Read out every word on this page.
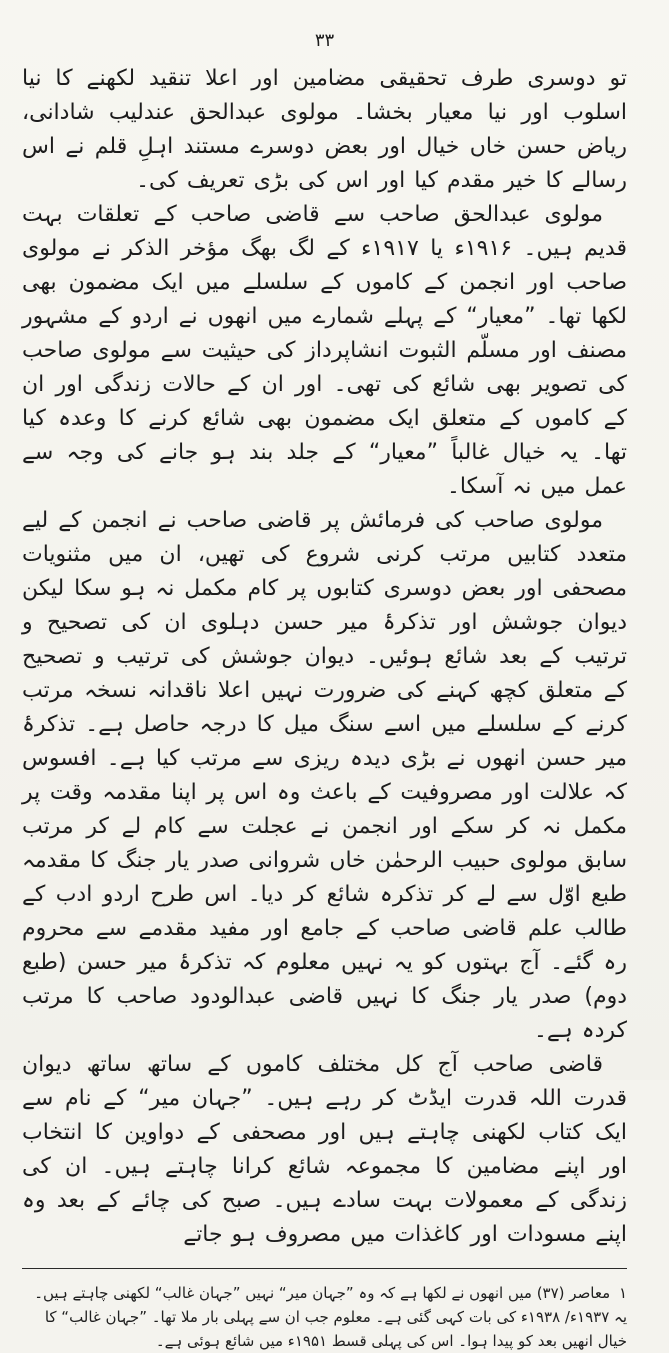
۳۳

تو دوسری طرف تحقیقی مضامین اور اعلا تنقید لکھنے کا نیا اسلوب اور نیا معیار بخشا۔ مولوی عبدالحق عندلیب شادانی، ریاض حسن خاں خیال اور بعض دوسرے مستند اہلِ قلم نے اس رسالے کا خیر مقدم کیا اور اس کی بڑی تعریف کی۔

مولوی عبدالحق صاحب سے قاضی صاحب کے تعلقات بہت قدیم ہیں۔ ۱۹۱۶ء یا ۱۹۱۷ء کے لگ بھگ مؤخر الذکر نے مولوی صاحب اور انجمن کے کاموں کے سلسلے میں ایک مضمون بھی لکھا تھا۔ ”معیار“ کے پہلے شمارے میں انھوں نے اردو کے مشہور مصنف اور مسلّم الثبوت انشاپرداز کی حیثیت سے مولوی صاحب کی تصویر بھی شائع کی تھی۔ اور ان کے حالات زندگی اور ان کے کاموں کے متعلق ایک مضمون بھی شائع کرنے کا وعدہ کیا تھا۔ یہ خیال غالباً ”معیار“ کے جلد بند ہو جانے کی وجہ سے عمل میں نہ آسکا۔

مولوی صاحب کی فرمائش پر قاضی صاحب نے انجمن کے لیے متعدد کتابیں مرتب کرنی شروع کی تھیں، ان میں مثنویات مصحفی اور بعض دوسری کتابوں پر کام مکمل نہ ہو سکا لیکن دیوان جوشش اور تذکرۂ میر حسن دہلوی ان کی تصحیح و ترتیب کے بعد شائع ہوئیں۔ دیوان جوشش کی ترتیب و تصحیح کے متعلق کچھ کہنے کی ضرورت نہیں اعلا ناقدانہ نسخہ مرتب کرنے کے سلسلے میں اسے سنگ میل کا درجہ حاصل ہے۔ تذکرۂ میر حسن انھوں نے بڑی دیدہ ریزی سے مرتب کیا ہے۔ افسوس کہ علالت اور مصروفیت کے باعث وہ اس پر اپنا مقدمہ وقت پر مکمل نہ کر سکے اور انجمن نے عجلت سے کام لے کر مرتب سابق مولوی حبیب الرحمٰن خاں شروانی صدر یار جنگ کا مقدمہ طبع اوّل سے لے کر تذکرہ شائع کر دیا۔ اس طرح اردو ادب کے طالب علم قاضی صاحب کے جامع اور مفید مقدمے سے محروم رہ گئے۔ آج بہتوں کو یہ نہیں معلوم کہ تذکرۂ میر حسن (طبع دوم) صدر یار جنگ کا نہیں قاضی عبدالودود صاحب کا مرتب کردہ ہے۔

قاضی صاحب آج کل مختلف کاموں کے ساتھ ساتھ دیوان قدرت اللہ قدرت ایڈٹ کر رہے ہیں۔ ”جہان میر“ کے نام سے ایک کتاب لکھنی چاہتے ہیں اور مصحفی کے دواوین کا انتخاب اور اپنے مضامین کا مجموعہ شائع کرانا چاہتے ہیں۔ ان کی زندگی کے معمولات بہت سادے ہیں۔ صبح کی چائے کے بعد وہ اپنے مسودات اور کاغذات میں مصروف ہو جاتے

۱ معاصر (۳۷) میں انھوں نے لکھا ہے کہ وہ ”جہان میر“ نہیں ”جہان غالب“ لکھنی چاہتے ہیں۔ یہ ۱۹۳۷ء/ ۱۹۳۸ء کی بات کہی گئی ہے۔ معلوم جب ان سے پہلی بار ملا تھا۔ ”جہان غالب“ کا خیال انھیں بعد کو پیدا ہوا۔ اس کی پہلی قسط ۱۹۵۱ء میں شائع ہوئی ہے۔
